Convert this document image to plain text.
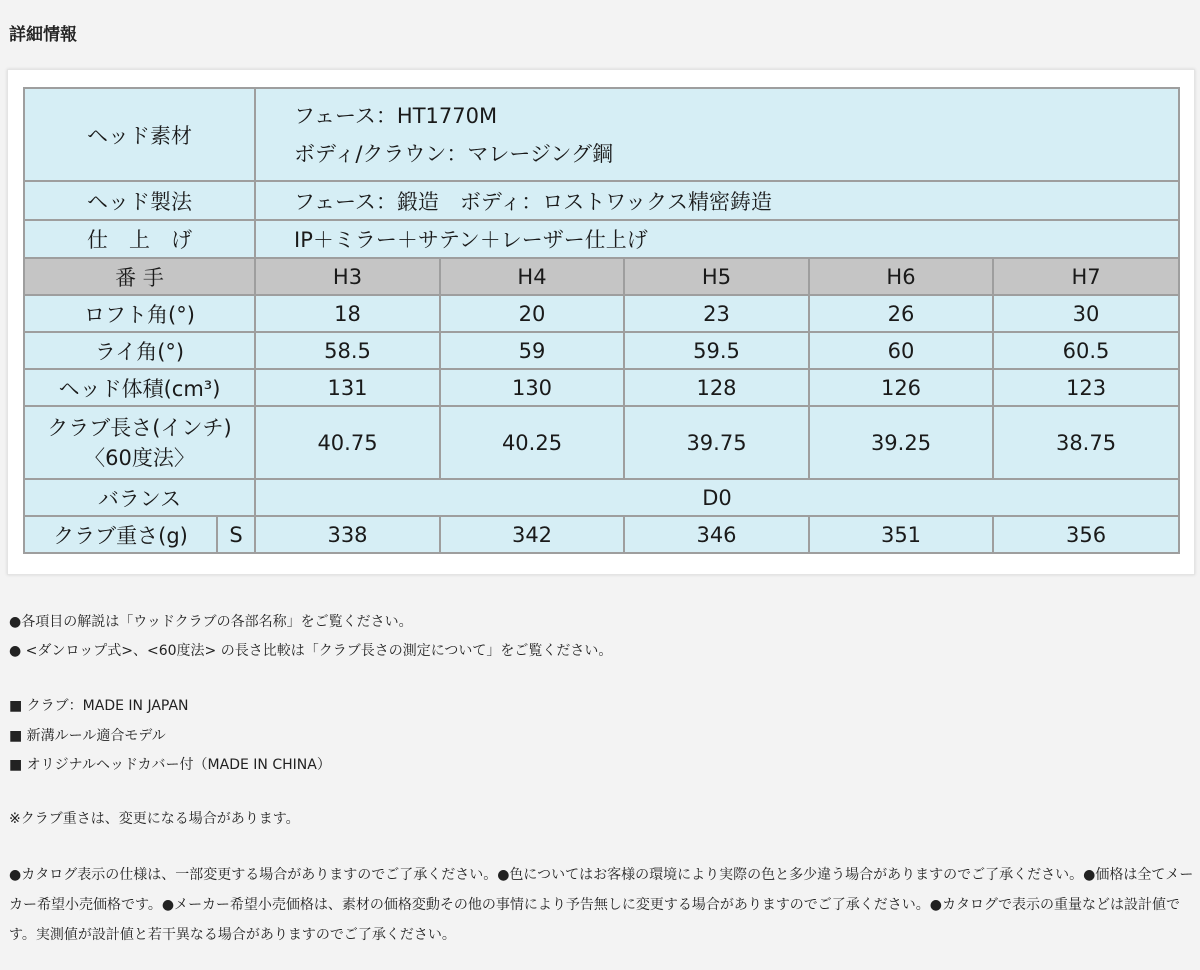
詳細情報
ヘッド素材		フェース：HT1770M
ボディ/クラウン：マレージング鋼				

ヘッド製法		フェース：鍛造　ボディ：ロストワックス精密鋳造				
仕　上　げ		IP＋ミラー＋サテン＋レーザー仕上げ				
番 手		H3	H4	H5	H6	H7
ロフト角(°)		18	20	23	26	30
ライ角(°)		58.5	59	59.5	60	60.5
ヘッド体積(cm³)		131	130	128	126	123

クラブ長さ(インチ)
〈60度法〉		40.75	40.25	39.75	39.25	38.75
バランス		D0				
クラブ重さ(g)	S	338	342	346	351	356

●各項目の解説は「ウッドクラブの各部名称」をご覧ください。

● <ダンロップ式>、<60度法> の長さ比較は「クラブ長さの測定について」をご覧ください。

■ クラブ：MADE IN JAPAN

■ 新溝ルール適合モデル

■ オリジナルヘッドカバー付（MADE IN CHINA）

※クラブ重さは、変更になる場合があります。

●カタログ表示の仕様は、一部変更する場合がありますのでご了承ください。●色についてはお客様の環境により実際の色と多少違う場合がありますのでご了承ください。●価格は全てメーカー希望小売価格です。●メーカー希望小売価格は、素材の価格変動その他の事情により予告無しに変更する場合がありますのでご了承ください。●カタログで表示の重量などは設計値です。実測値が設計値と若干異なる場合がありますのでご了承ください。
